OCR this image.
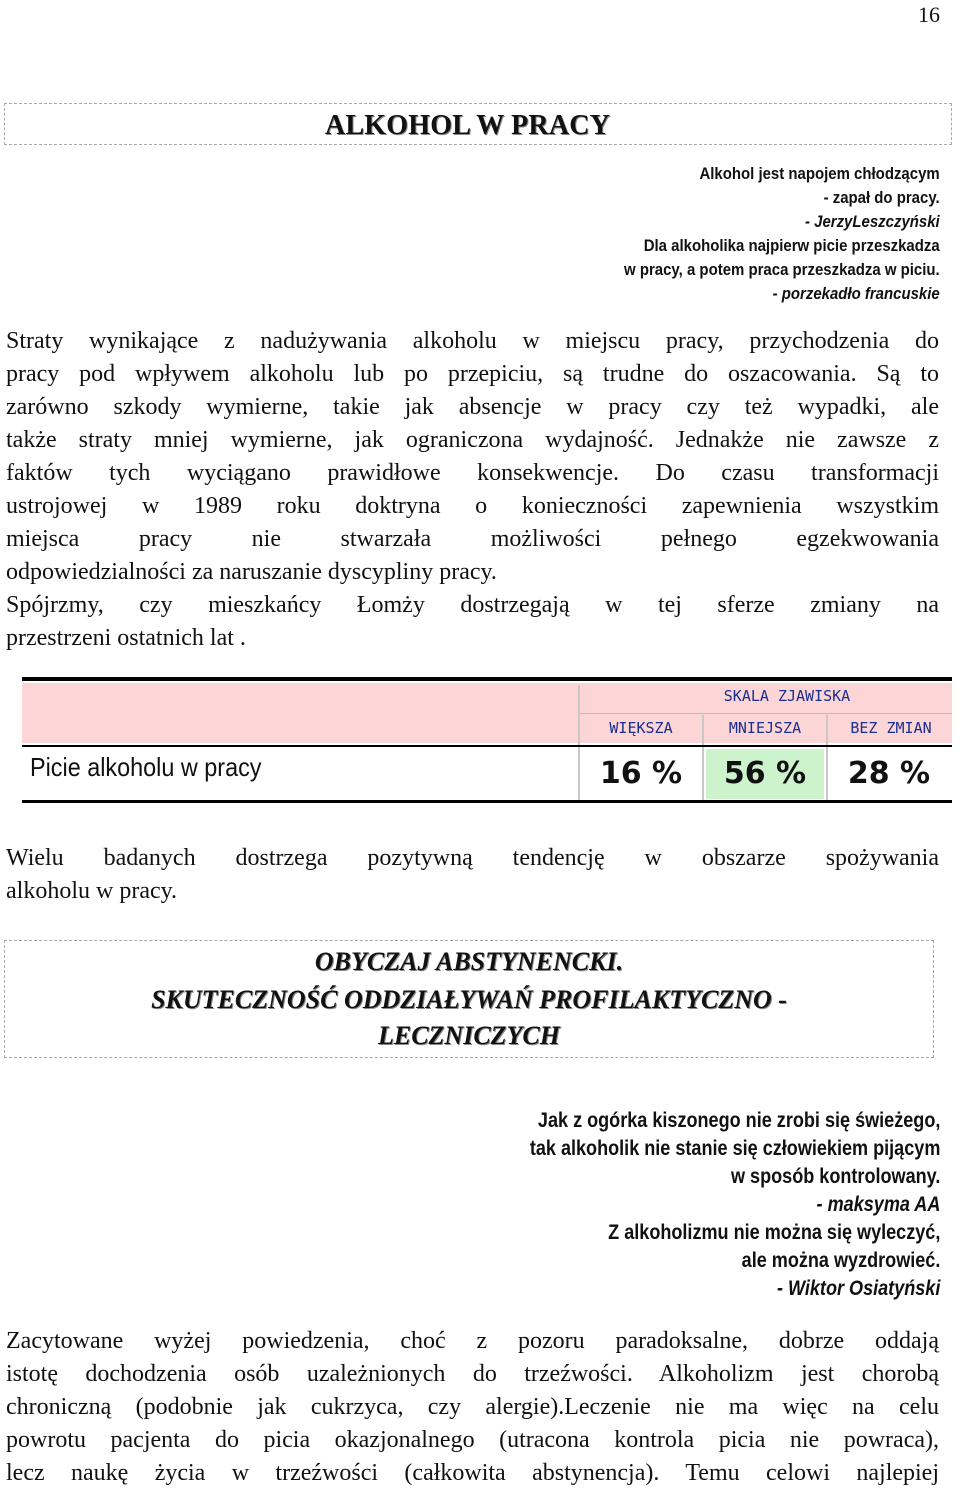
16
ALKOHOL W PRACY
Alkohol jest napojem chłodzącym
- zapał do pracy.
- JerzyLeszczyński
Dla alkoholika najpierw picie przeszkadza
w pracy, a potem praca przeszkadza w piciu.
- porzekadło francuskie
Straty wynikające z nadużywania alkoholu w miejscu pracy, przychodzenia do
pracy pod wpływem alkoholu lub po przepiciu, są trudne do oszacowania. Są to
zarówno szkody wymierne, takie jak absencje w pracy czy też wypadki, ale
także straty mniej wymierne, jak ograniczona wydajność. Jednakże nie zawsze z
faktów tych wyciągano prawidłowe konsekwencje. Do czasu transformacji
ustrojowej w 1989 roku doktryna o konieczności zapewnienia wszystkim
miejsca pracy nie stwarzała możliwości pełnego egzekwowania
odpowiedzialności za naruszanie dyscypliny pracy.
Spójrzmy, czy mieszkańcy Łomży dostrzegają w tej sferze zmiany na
przestrzeni ostatnich lat .
SKALA ZJAWISKA
WIĘKSZA	MNIEJSZA	BEZ ZMIAN
Picie alkoholu w pracy	16 %	56 %	28 %
Wielu badanych dostrzega pozytywną tendencję w obszarze spożywania
alkoholu w pracy.
OBYCZAJ ABSTYNENCKI.
SKUTECZNOŚĆ ODDZIAŁYWAŃ PROFILAKTYCZNO -
LECZNICZYCH
Jak z ogórka kiszonego nie zrobi się świeżego,
tak alkoholik nie stanie się człowiekiem pijącym
w sposób kontrolowany.
- maksyma AA
Z alkoholizmu nie można się wyleczyć,
ale można wyzdrowieć.
- Wiktor Osiatyński
Zacytowane wyżej powiedzenia, choć z pozoru paradoksalne, dobrze oddają
istotę dochodzenia osób uzależnionych do trzeźwości. Alkoholizm jest chorobą
chroniczną (podobnie jak cukrzyca, czy alergie).Leczenie nie ma więc na celu
powrotu pacjenta do picia okazjonalnego (utracona kontrola picia nie powraca),
lecz naukę życia w trzeźwości (całkowita abstynencja). Temu celowi najlepiej
